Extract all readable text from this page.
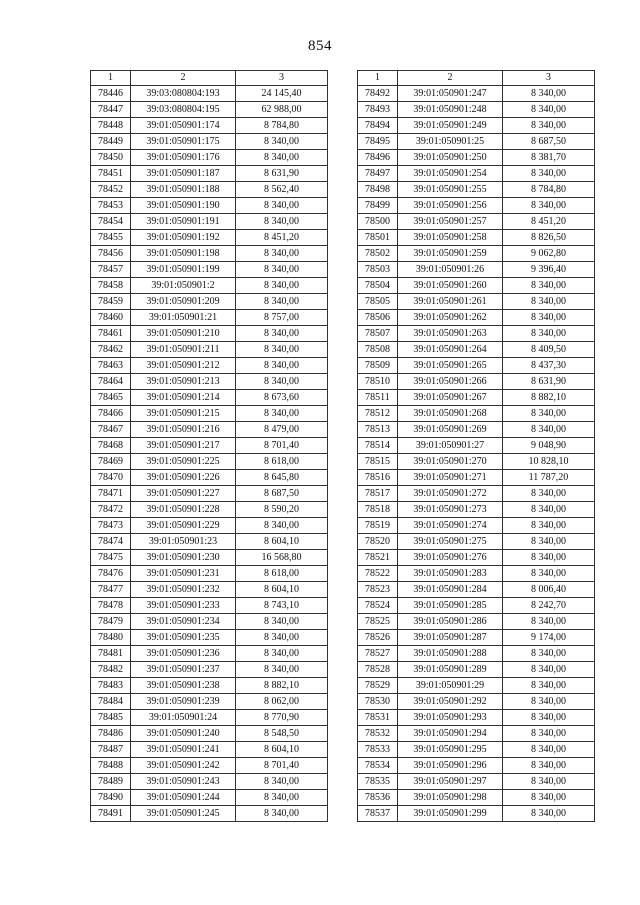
854
1	2	3
78446	39:03:080804:193	24 145,40
78447	39:03:080804:195	62 988,00
78448	39:01:050901:174	8 784,80
78449	39:01:050901:175	8 340,00
78450	39:01:050901:176	8 340,00
78451	39:01:050901:187	8 631,90
78452	39:01:050901:188	8 562,40
78453	39:01:050901:190	8 340,00
78454	39:01:050901:191	8 340,00
78455	39:01:050901:192	8 451,20
78456	39:01:050901:198	8 340,00
78457	39:01:050901:199	8 340,00
78458	39:01:050901:2	8 340,00
78459	39:01:050901:209	8 340,00
78460	39:01:050901:21	8 757,00
78461	39:01:050901:210	8 340,00
78462	39:01:050901:211	8 340,00
78463	39:01:050901:212	8 340,00
78464	39:01:050901:213	8 340,00
78465	39:01:050901:214	8 673,60
78466	39:01:050901:215	8 340,00
78467	39:01:050901:216	8 479,00
78468	39:01:050901:217	8 701,40
78469	39:01:050901:225	8 618,00
78470	39:01:050901:226	8 645,80
78471	39:01:050901:227	8 687,50
78472	39:01:050901:228	8 590,20
78473	39:01:050901:229	8 340,00
78474	39:01:050901:23	8 604,10
78475	39:01:050901:230	16 568,80
78476	39:01:050901:231	8 618,00
78477	39:01:050901:232	8 604,10
78478	39:01:050901:233	8 743,10
78479	39:01:050901:234	8 340,00
78480	39:01:050901:235	8 340,00
78481	39:01:050901:236	8 340,00
78482	39:01:050901:237	8 340,00
78483	39:01:050901:238	8 882,10
78484	39:01:050901:239	8 062,00
78485	39:01:050901:24	8 770,90
78486	39:01:050901:240	8 548,50
78487	39:01:050901:241	8 604,10
78488	39:01:050901:242	8 701,40
78489	39:01:050901:243	8 340,00
78490	39:01:050901:244	8 340,00
78491	39:01:050901:245	8 340,00
1	2	3
78492	39:01:050901:247	8 340,00
78493	39:01:050901:248	8 340,00
78494	39:01:050901:249	8 340,00
78495	39:01:050901:25	8 687,50
78496	39:01:050901:250	8 381,70
78497	39:01:050901:254	8 340,00
78498	39:01:050901:255	8 784,80
78499	39:01:050901:256	8 340,00
78500	39:01:050901:257	8 451,20
78501	39:01:050901:258	8 826,50
78502	39:01:050901:259	9 062,80
78503	39:01:050901:26	9 396,40
78504	39:01:050901:260	8 340,00
78505	39:01:050901:261	8 340,00
78506	39:01:050901:262	8 340,00
78507	39:01:050901:263	8 340,00
78508	39:01:050901:264	8 409,50
78509	39:01:050901:265	8 437,30
78510	39:01:050901:266	8 631,90
78511	39:01:050901:267	8 882,10
78512	39:01:050901:268	8 340,00
78513	39:01:050901:269	8 340,00
78514	39:01:050901:27	9 048,90
78515	39:01:050901:270	10 828,10
78516	39:01:050901:271	11 787,20
78517	39:01:050901:272	8 340,00
78518	39:01:050901:273	8 340,00
78519	39:01:050901:274	8 340,00
78520	39:01:050901:275	8 340,00
78521	39:01:050901:276	8 340,00
78522	39:01:050901:283	8 340,00
78523	39:01:050901:284	8 006,40
78524	39:01:050901:285	8 242,70
78525	39:01:050901:286	8 340,00
78526	39:01:050901:287	9 174,00
78527	39:01:050901:288	8 340,00
78528	39:01:050901:289	8 340,00
78529	39:01:050901:29	8 340,00
78530	39:01:050901:292	8 340,00
78531	39:01:050901:293	8 340,00
78532	39:01:050901:294	8 340,00
78533	39:01:050901:295	8 340,00
78534	39:01:050901:296	8 340,00
78535	39:01:050901:297	8 340,00
78536	39:01:050901:298	8 340,00
78537	39:01:050901:299	8 340,00
